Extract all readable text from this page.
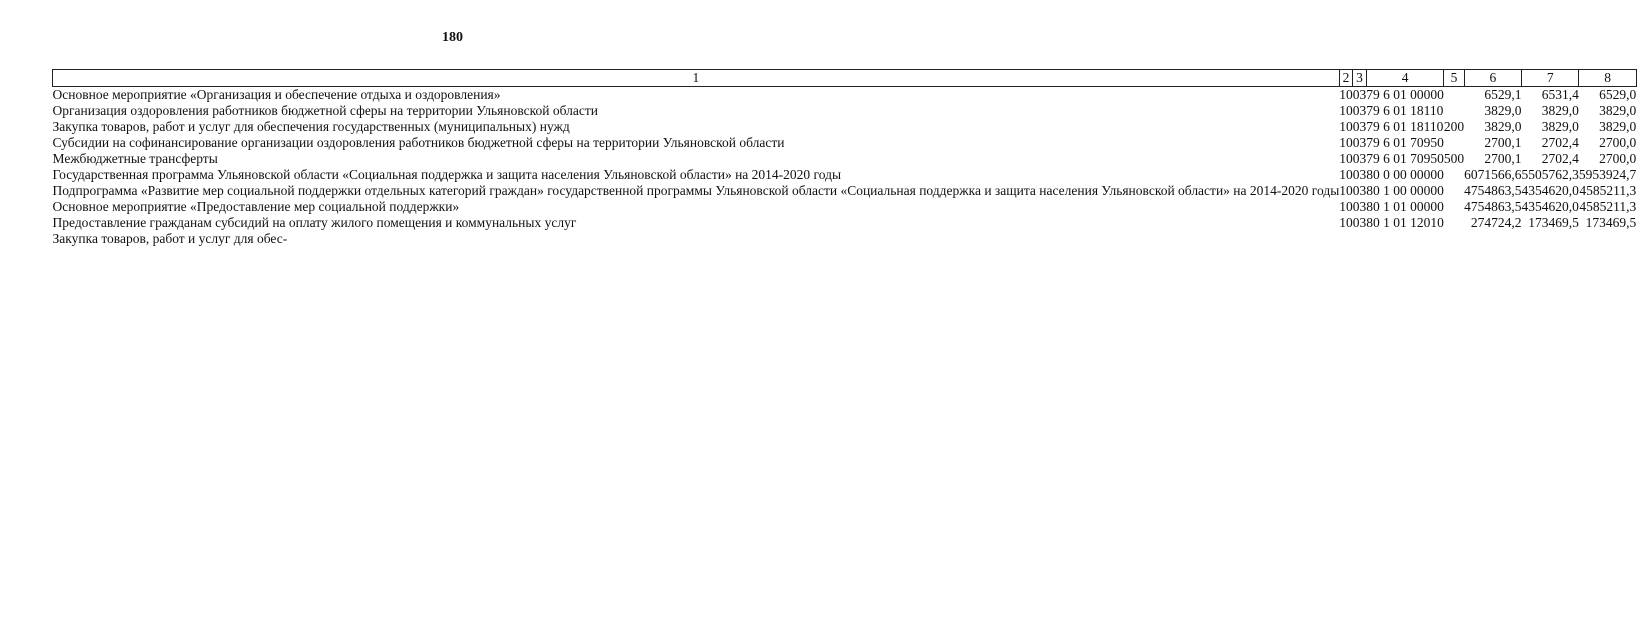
180
1	2	3	4	5	6	7	8
Основное мероприятие «Организация и обеспечение отдыха и оздоровления»	10	03	79 6 01 00000		6529,1	6531,4	6529,0
Организация оздоровления работников бюджетной сферы на территории Ульяновской области	10	03	79 6 01 18110		3829,0	3829,0	3829,0
Закупка товаров, работ и услуг для обеспечения государственных (муниципальных) нужд	10	03	79 6 01 18110	200	3829,0	3829,0	3829,0
Субсидии на софинансирование организации оздоровления работников бюджетной сферы на территории Ульяновской области	10	03	79 6 01 70950		2700,1	2702,4	2700,0
Межбюджетные трансферты	10	03	79 6 01 70950	500	2700,1	2702,4	2700,0
Государственная программа Ульяновской области «Социальная поддержка и защита населения Ульяновской области» на 2014-2020 годы	10	03	80 0 00 00000		6071566,6	5505762,3	5953924,7
Подпрограмма «Развитие мер социальной поддержки отдельных категорий граждан» государственной программы Ульяновской области «Социальная поддержка и защита населения Ульяновской области» на 2014-2020 годы	10	03	80 1 00 00000		4754863,5	4354620,0	4585211,3
Основное мероприятие «Предоставление мер социальной поддержки»	10	03	80 1 01 00000		4754863,5	4354620,0	4585211,3
Предоставление гражданам субсидий на оплату жилого помещения и коммунальных услуг	10	03	80 1 01 12010		274724,2	173469,5	173469,5
Закупка товаров, работ и услуг для обес-							
